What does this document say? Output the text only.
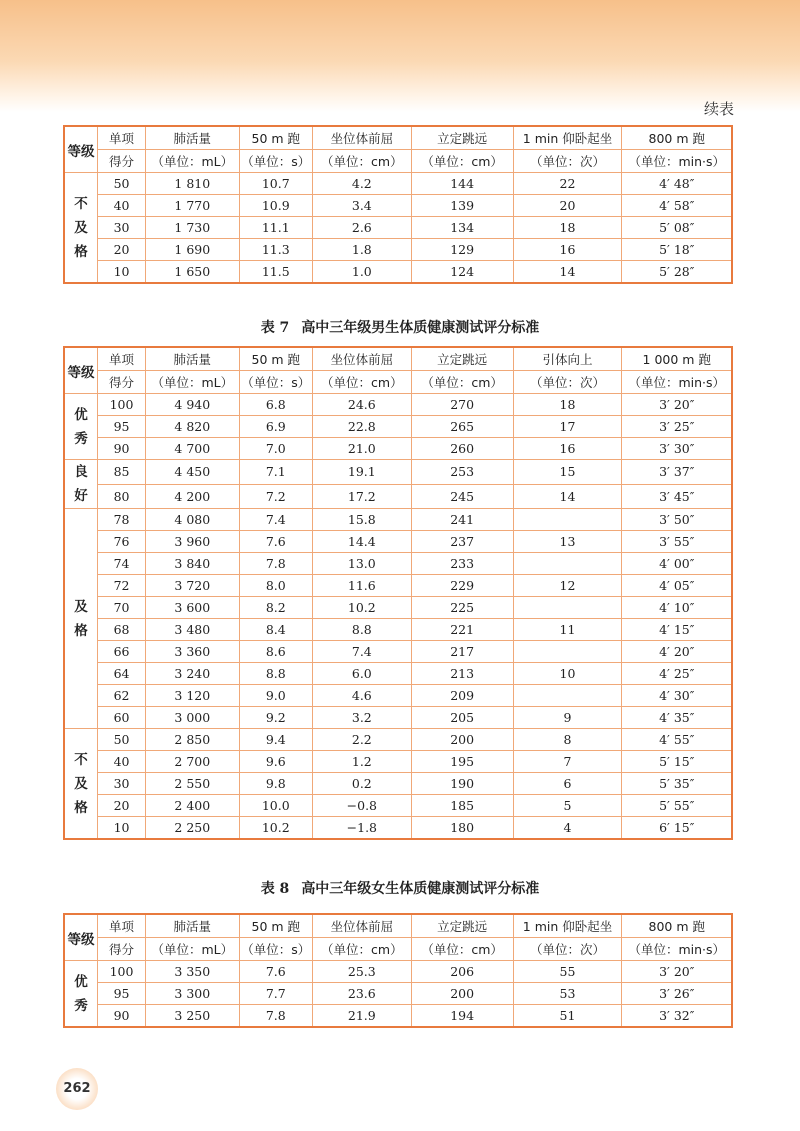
续表
等级	单项	肺活量	50 m 跑	坐位体前屈	立定跳远	1 min 仰卧起坐	800 m 跑
	得分	（单位：mL）	（单位：s）	（单位：cm）	（单位：cm）	（单位：次）	（单位：min·s）
不
及
格	50	1 810	10.7	4.2	144	22	4′ 48″
	40	1 770	10.9	3.4	139	20	4′ 58″
	30	1 730	11.1	2.6	134	18	5′ 08″
	20	1 690	11.3	1.8	129	16	5′ 18″
	10	1 650	11.5	1.0	124	14	5′ 28″
表 7 高中三年级男生体质健康测试评分标准
等级	单项	肺活量	50 m 跑	坐位体前屈	立定跳远	引体向上	1 000 m 跑
	得分	（单位：mL）	（单位：s）	（单位：cm）	（单位：cm）	（单位：次）	（单位：min·s）
优
秀	100	4 940	6.8	24.6	270	18	3′ 20″
	95	4 820	6.9	22.8	265	17	3′ 25″
	90	4 700	7.0	21.0	260	16	3′ 30″
良
好	85	4 450	7.1	19.1	253	15	3′ 37″
	80	4 200	7.2	17.2	245	14	3′ 45″
及
格	78	4 080	7.4	15.8	241		3′ 50″
	76	3 960	7.6	14.4	237	13	3′ 55″
	74	3 840	7.8	13.0	233		4′ 00″
	72	3 720	8.0	11.6	229	12	4′ 05″
	70	3 600	8.2	10.2	225		4′ 10″
	68	3 480	8.4	8.8	221	11	4′ 15″
	66	3 360	8.6	7.4	217		4′ 20″
	64	3 240	8.8	6.0	213	10	4′ 25″
	62	3 120	9.0	4.6	209		4′ 30″
	60	3 000	9.2	3.2	205	9	4′ 35″
不
及
格	50	2 850	9.4	2.2	200	8	4′ 55″
	40	2 700	9.6	1.2	195	7	5′ 15″
	30	2 550	9.8	0.2	190	6	5′ 35″
	20	2 400	10.0	−0.8	185	5	5′ 55″
	10	2 250	10.2	−1.8	180	4	6′ 15″
表 8 高中三年级女生体质健康测试评分标准
等级	单项	肺活量	50 m 跑	坐位体前屈	立定跳远	1 min 仰卧起坐	800 m 跑
	得分	（单位：mL）	（单位：s）	（单位：cm）	（单位：cm）	（单位：次）	（单位：min·s）
优
秀	100	3 350	7.6	25.3	206	55	3′ 20″
	95	3 300	7.7	23.6	200	53	3′ 26″
	90	3 250	7.8	21.9	194	51	3′ 32″
262
